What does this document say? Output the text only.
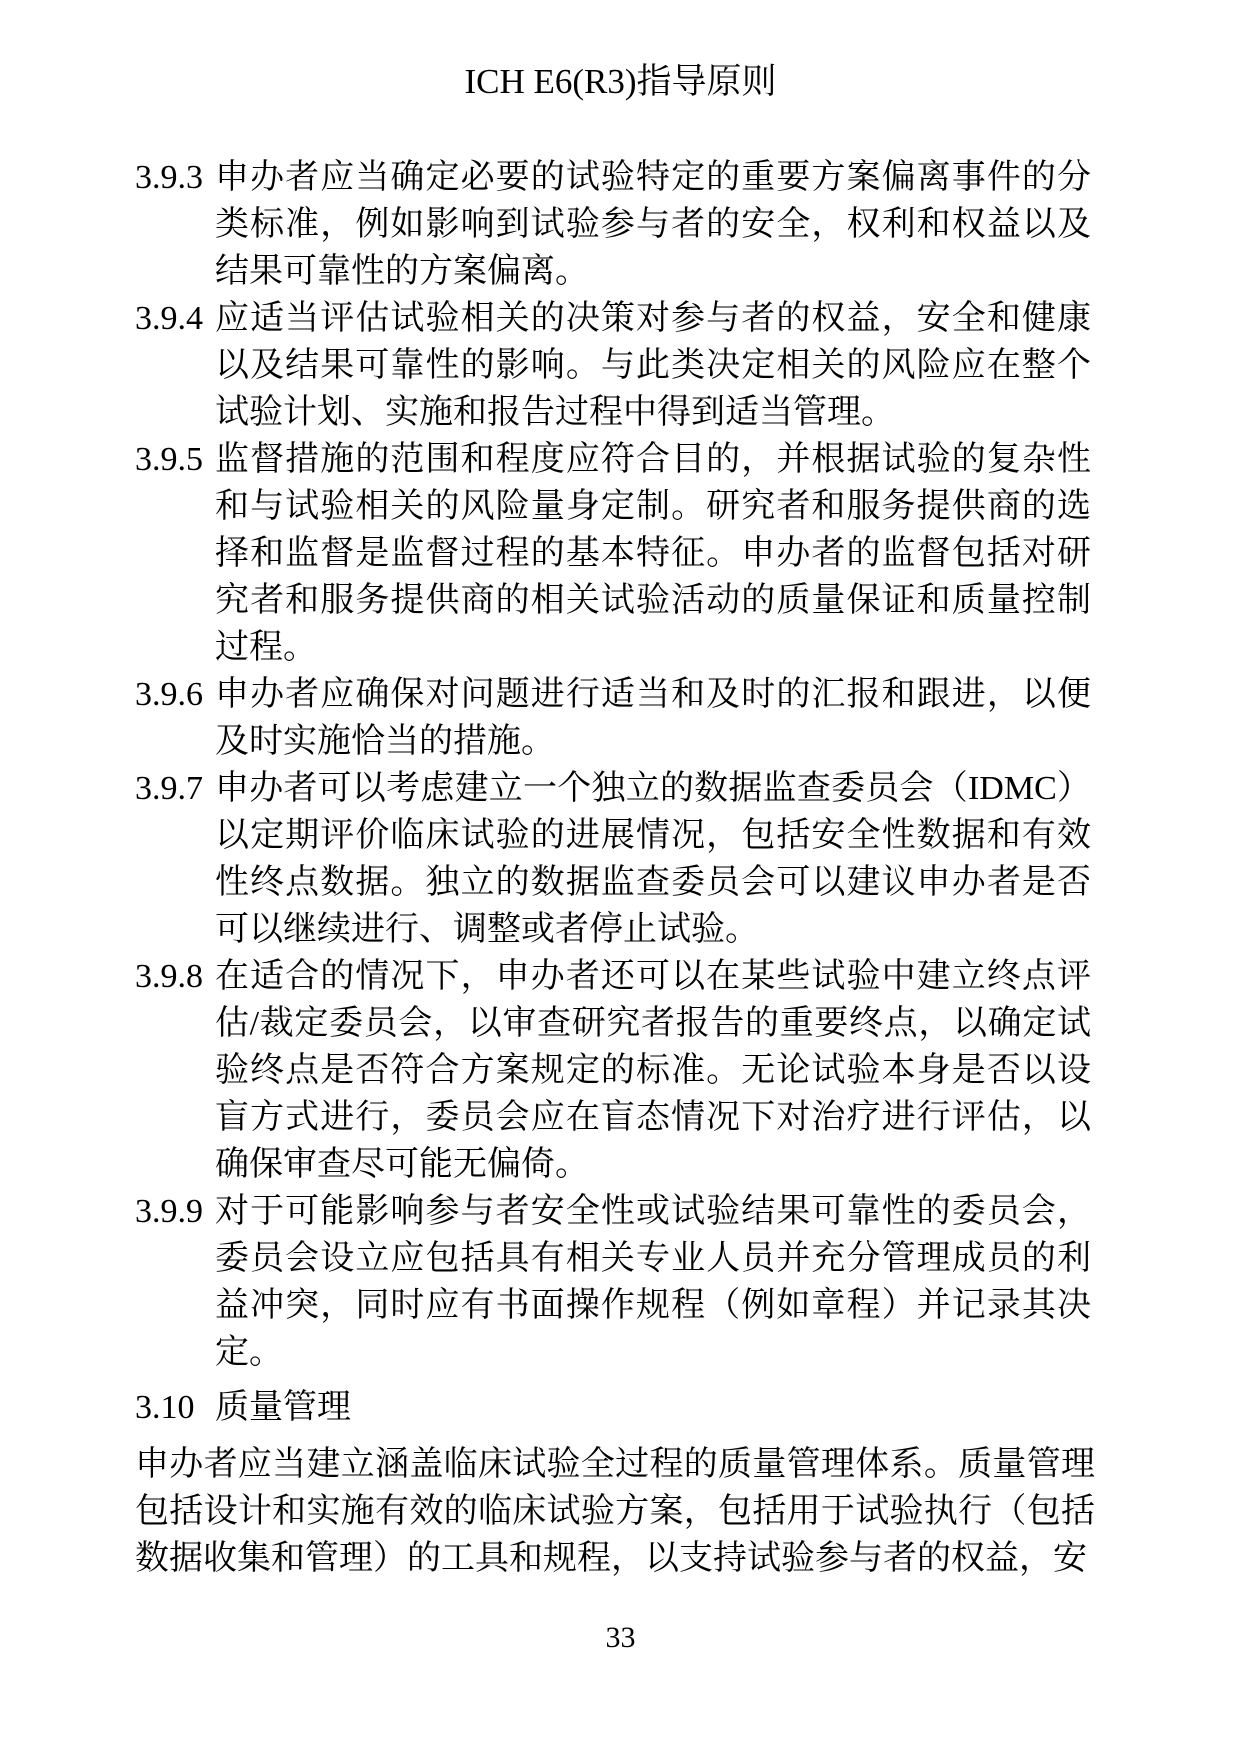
ICH E6(R3)指导原则
3.9.3 申办者应当确定必要的试验特定的重要方案偏离事件的分类标准，例如影响到试验参与者的安全，权利和权益以及结果可靠性的方案偏离。
3.9.4 应适当评估试验相关的决策对参与者的权益，安全和健康以及结果可靠性的影响。与此类决定相关的风险应在整个试验计划、实施和报告过程中得到适当管理。
3.9.5 监督措施的范围和程度应符合目的，并根据试验的复杂性和与试验相关的风险量身定制。研究者和服务提供商的选择和监督是监督过程的基本特征。申办者的监督包括对研究者和服务提供商的相关试验活动的质量保证和质量控制过程。
3.9.6 申办者应确保对问题进行适当和及时的汇报和跟进，以便及时实施恰当的措施。
3.9.7 申办者可以考虑建立一个独立的数据监查委员会（IDMC）以定期评价临床试验的进展情况，包括安全性数据和有效性终点数据。独立的数据监查委员会可以建议申办者是否可以继续进行、调整或者停止试验。
3.9.8 在适合的情况下，申办者还可以在某些试验中建立终点评估/裁定委员会，以审查研究者报告的重要终点，以确定试验终点是否符合方案规定的标准。无论试验本身是否以设盲方式进行，委员会应在盲态情况下对治疗进行评估，以确保审查尽可能无偏倚。
3.9.9 对于可能影响参与者安全性或试验结果可靠性的委员会，委员会设立应包括具有相关专业人员并充分管理成员的利益冲突，同时应有书面操作规程（例如章程）并记录其决定。
3.10 质量管理

申办者应当建立涵盖临床试验全过程的质量管理体系。质量管理包括设计和实施有效的临床试验方案，包括用于试验执行（包括数据收集和管理）的工具和规程，以支持试验参与者的权益，安

33
